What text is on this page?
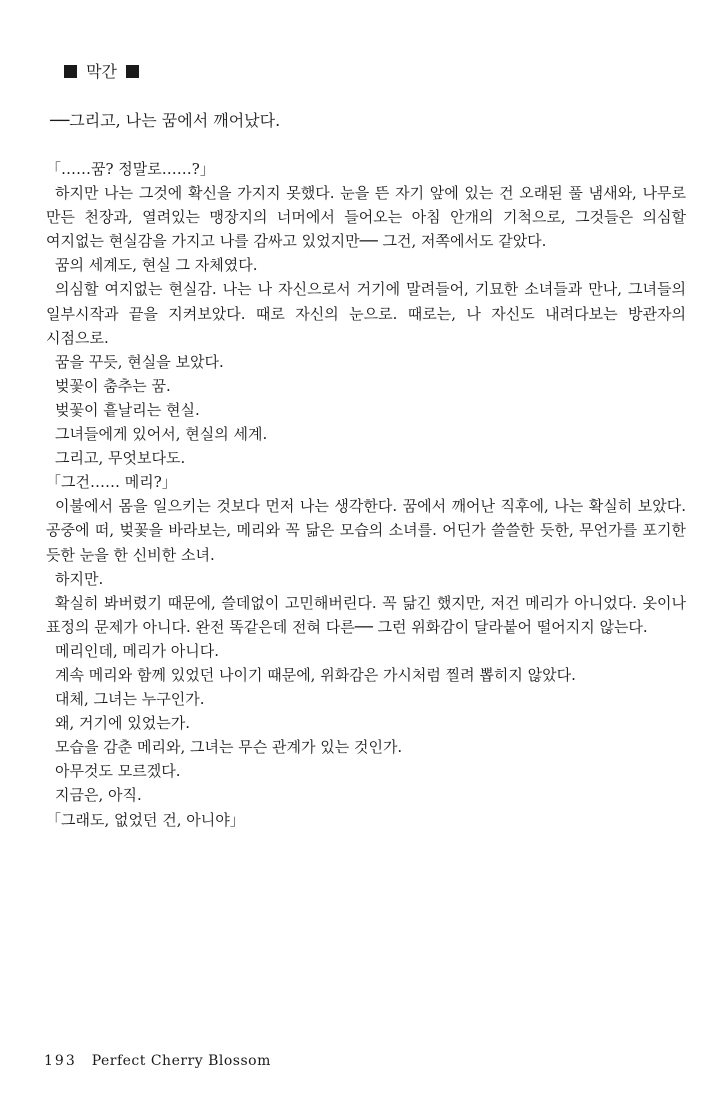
막간
──그리고, 나는 꿈에서 깨어났다.

「……꿈? 정말로……?」

하지만 나는 그것에 확신을 가지지 못했다. 눈을 뜬 자기 앞에 있는 건 오래된 풀 냄새와, 나무로 만든 천장과, 열려있는 맹장지의 너머에서 들어오는 아침 안개의 기척으로, 그것들은 의심할 여지없는 현실감을 가지고 나를 감싸고 있었지만── 그건, 저쪽에서도 같았다.

꿈의 세계도, 현실 그 자체였다.

의심할 여지없는 현실감. 나는 나 자신으로서 거기에 말려들어, 기묘한 소녀들과 만나, 그녀들의 일부시작과 끝을 지켜보았다. 때로 자신의 눈으로. 때로는, 나 자신도 내려다보는 방관자의 시점으로.

꿈을 꾸듯, 현실을 보았다.

벚꽃이 춤추는 꿈.

벚꽃이 흩날리는 현실.

그녀들에게 있어서, 현실의 세계.

그리고, 무엇보다도.

「그건…… 메리?」

이불에서 몸을 일으키는 것보다 먼저 나는 생각한다. 꿈에서 깨어난 직후에, 나는 확실히 보았다. 공중에 떠, 벚꽃을 바라보는, 메리와 꼭 닮은 모습의 소녀를. 어딘가 쓸쓸한 듯한, 무언가를 포기한 듯한 눈을 한 신비한 소녀.

하지만.

확실히 봐버렸기 때문에, 쓸데없이 고민해버린다. 꼭 닮긴 했지만, 저건 메리가 아니었다. 옷이나 표정의 문제가 아니다. 완전 똑같은데 전혀 다른── 그런 위화감이 달라붙어 떨어지지 않는다.

메리인데, 메리가 아니다.

계속 메리와 함께 있었던 나이기 때문에, 위화감은 가시처럼 찔려 뽑히지 않았다.

대체, 그녀는 누구인가.

왜, 거기에 있었는가.

모습을 감춘 메리와, 그녀는 무슨 관계가 있는 것인가.

아무것도 모르겠다.

지금은, 아직.

「그래도, 없었던 건, 아니야」

193 Perfect Cherry Blossom
